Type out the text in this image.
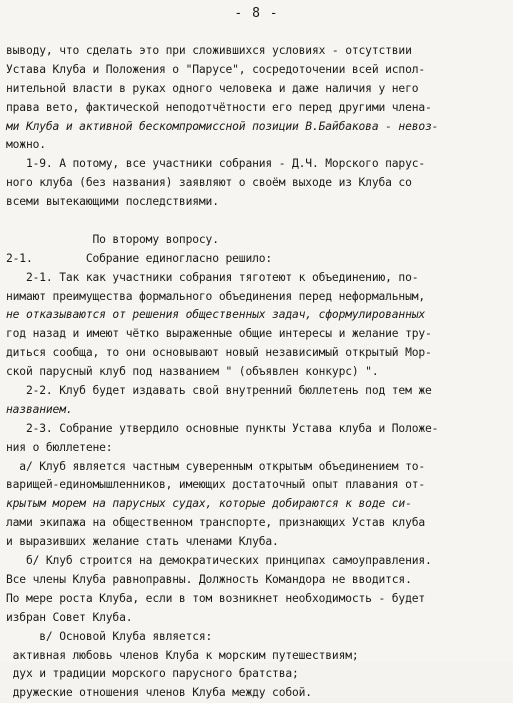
- 8 -
выводу, что сделать это при сложившихся условиях - отсутствии
Устава Клуба и Положения о "Парусе", сосредоточении всей испол-
нительной власти в руках одного человека и даже наличия у него
права вето, фактической неподотчётности его перед другими члена-
ми Клуба и активной бескомпромиссной позиции В.Байбакова - невоз-
можно.
1-9. А потому, все участники собрания - Д.Ч. Морского парус-
ного клуба (без названия) заявляют о своём выходе из Клуба со
всеми вытекающими последствиями.
По второму вопросу.
2-1.        Собрание единогласно решило:
2-1. Так как участники собрания тяготеют к объединению, по-
нимают преимущества формального объединения перед неформальным,
не отказываются от решения общественных задач, сформулированных
год назад и имеют чётко выраженные общие интересы и желание тру-
диться сообща, то они основывают новый независимый открытый Мор-
ской парусный клуб под названием " (объявлен конкурс) ".
2-2. Клуб будет издавать свой внутренний бюллетень под тем же
названием.
2-3. Собрание утвердило основные пункты Устава клуба и Положе-
ния о бюллетене:
а/ Клуб является частным суверенным открытым объединением то-
варищей-единомышленников, имеющих достаточный опыт плавания от-
крытым морем на парусных судах, которые добираются к воде си-
лами экипажа на общественном транспорте, признающих Устав клуба
и выразивших желание стать членами Клуба.
б/ Клуб строится на демократических принципах самоуправления.
Все члены Клуба равноправны. Должность Командора не вводится.
По мере роста Клуба, если в том возникнет необходимость - будет
избран Совет Клуба.
в/ Основой Клуба является:
активная любовь членов Клуба к морским путешествиям;
дух и традиции морского парусного братства;
дружеские отношения членов Клуба между собой.
